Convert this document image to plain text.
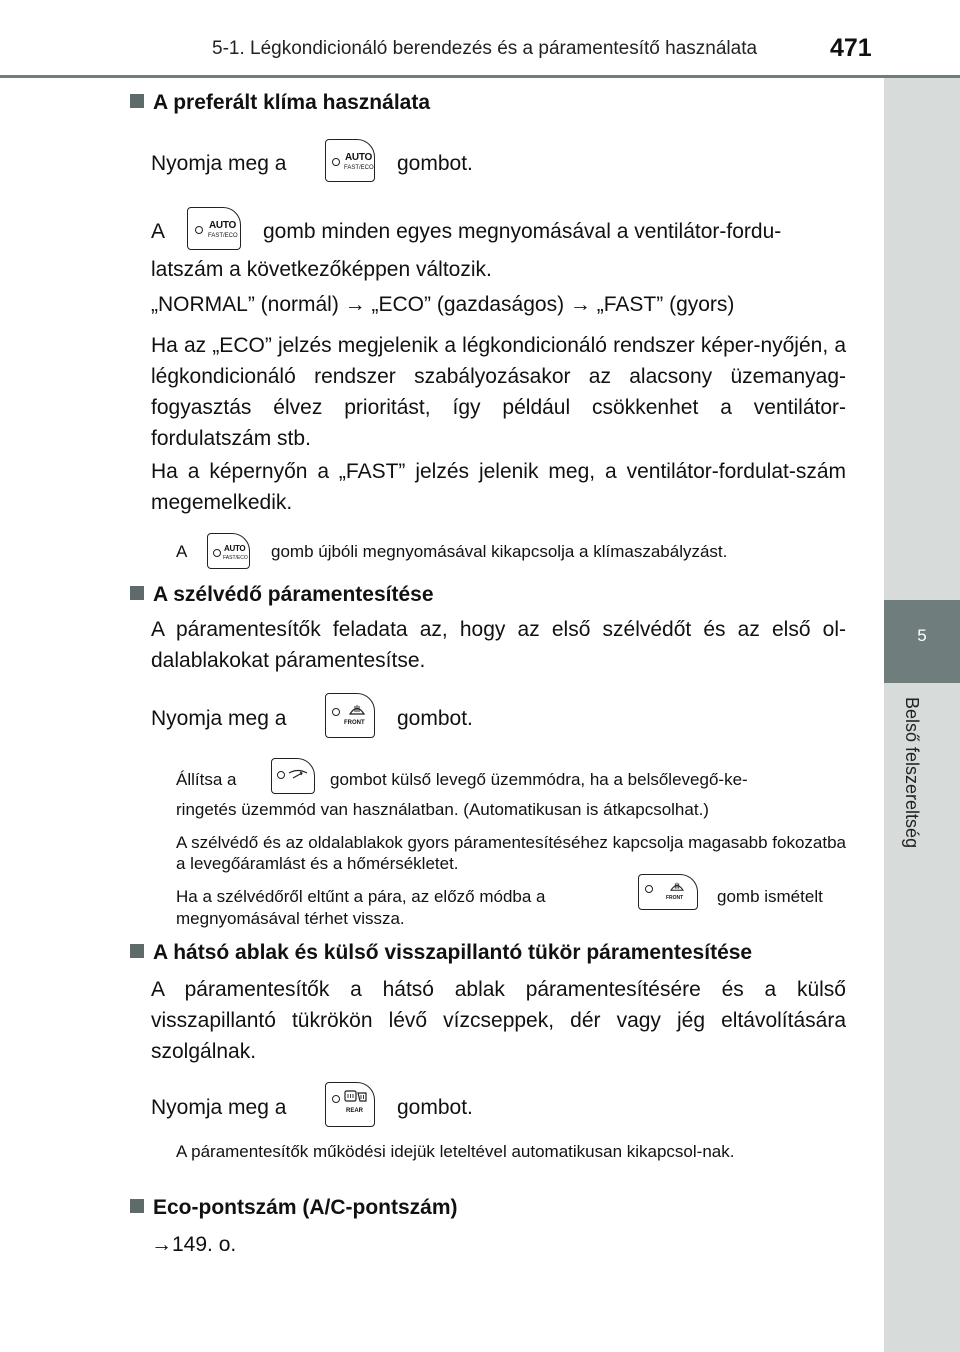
5-1. Légkondicionáló berendezés és a páramentesítő használata	471
5
Belső felszereltség
A preferált klíma használata
Nyomja meg a	AUTO
FAST/ECO gombot.
A	AUTO
FAST/ECO gomb minden egyes megnyomásával a ventilátor-fordu-
latszám a következőképpen változik.
„NORMAL” (normál) → „ECO” (gazdaságos) → „FAST” (gyors)
Ha az „ECO” jelzés megjelenik a légkondicionáló rendszer képer-nyőjén, a légkondicionáló rendszer szabályozásakor az alacsony üzemanyag-fogyasztás élvez prioritást, így például csökkenhet a ventilátor-fordulatszám stb.
Ha a képernyőn a „FAST” jelzés jelenik meg, a ventilátor-fordulat-szám megemelkedik.
A	AUTO
FAST/ECO gomb újbóli megnyomásával kikapcsolja a klímaszabályzást.
A szélvédő páramentesítése
A páramentesítők feladata az, hogy az első szélvédőt és az első ol-dalablakokat páramentesítse.
Nyomja meg a	FRONT gombot.
Állítsa a	gombot külső levegő üzemmódra, ha a belsőlevegő-ke-
ringetés üzemmód van használatban. (Automatikusan is átkapcsolhat.)
A szélvédő és az oldalablakok gyors páramentesítéséhez kapcsolja magasabb fokozatba a levegőáramlást és a hőmérsékletet.
Ha a szélvédőről eltűnt a pára, az előző módba a	FRONT gomb ismételt
megnyomásával térhet vissza.
A hátsó ablak és külső visszapillantó tükör páramentesítése
A páramentesítők a hátsó ablak páramentesítésére és a külső visszapillantó tükrökön lévő vízcseppek, dér vagy jég eltávolítására szolgálnak.
Nyomja meg a	REAR gombot.
A páramentesítők működési idejük leteltével automatikusan kikapcsol-nak.
Eco-pontszám (A/C-pontszám)
→149. o.
